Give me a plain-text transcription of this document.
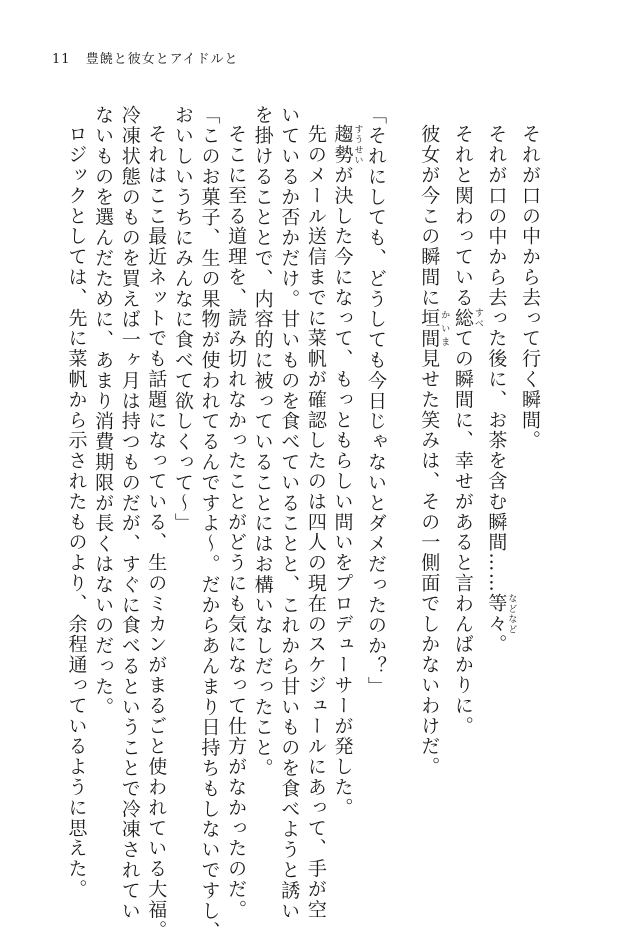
11 豊饒と彼女とアイドルと
それが口の中から去って行く瞬間。
それが口の中から去った後に、お茶を含む瞬間……等々 などなど。
それと関わっている総 すべての瞬間に、幸せがあると言わんばかりに。
彼女が今この瞬間に垣間 かいま見せた笑みは、その一側面でしかないわけだ。
「それにしても、どうしても今日じゃないとダメだったのか？」
趨勢 すうせいが決した今になって、もっともらしい問いをプロデューサーが発した。
先のメール送信までに菜帆が確認したのは四人の現在のスケジュールにあって、手が空
いているか否かだけ。甘いものを食べていることと、これから甘いものを食べようと誘い
を掛けることとで、内容的に被っていることにはお構いなしだったこと。
そこに至る道理を、読み切れなかったことがどうにも気になって仕方がなかったのだ。
「このお菓子、生の果物が使われてるんですよ～。だからあんまり日持ちもしないですし、
おいしいうちにみんなに食べて欲しくって～」
それはここ最近ネットでも話題になっている、生のミカンがまるごと使われている大福。
冷凍状態のものを買えば一ヶ月は持つものだが、すぐに食べるということで冷凍されてい
ないものを選んだために、あまり消費期限が長くはないのだった。
ロジックとしては、先に菜帆から示されたものより、余程通っているように思えた。
